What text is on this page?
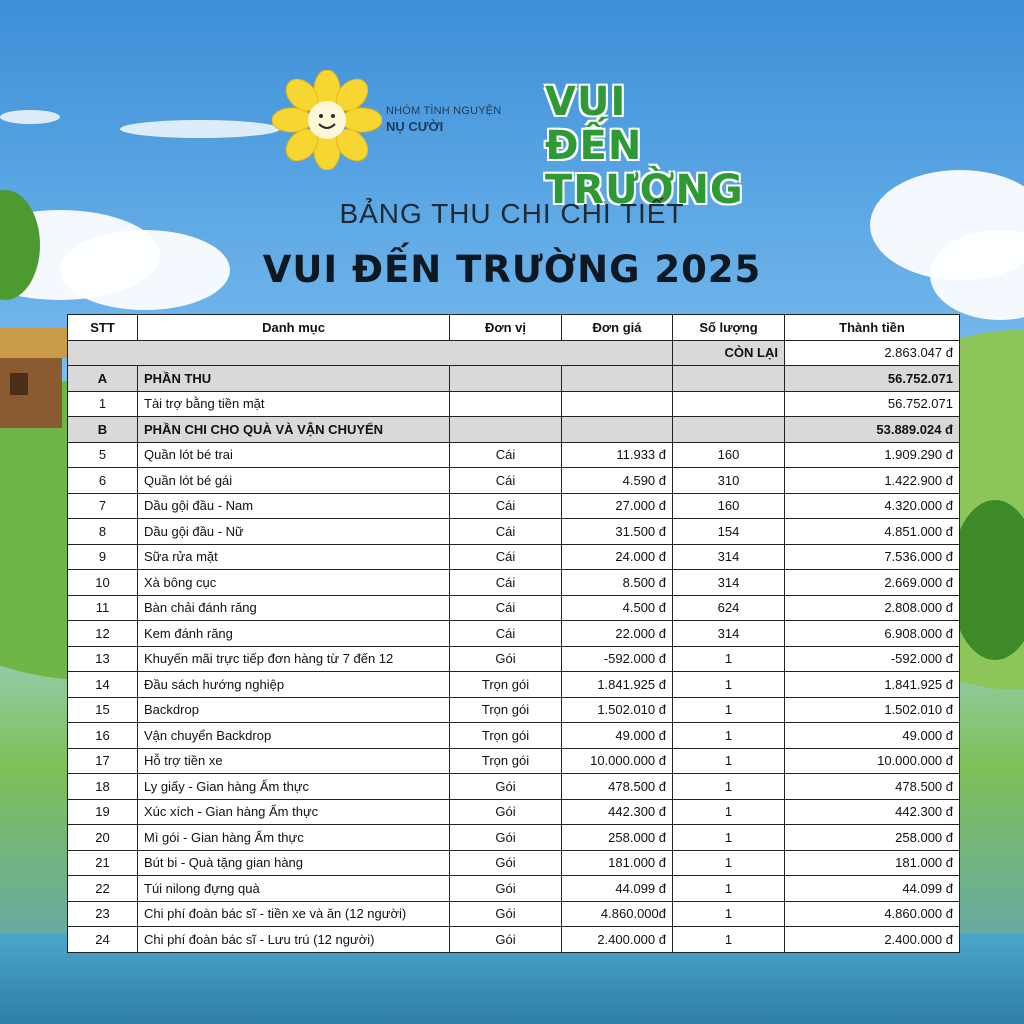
NHÓM TÌNH NGUYỆN
NỤ CƯỜI
VUI ĐẾN
TRƯỜNG
BẢNG THU CHI CHI TIẾT
VUI ĐẾN TRƯỜNG 2025
STT	Danh mục	Đơn vị	Đơn giá	Số lượng	Thành tiền
				CÒN LẠI	2.863.047 đ
A	PHẦN THU				56.752.071
1	Tài trợ bằng tiền mặt				56.752.071
B	PHẦN CHI CHO QUÀ VÀ VẬN CHUYỂN				53.889.024 đ
5	Quần lót bé trai	Cái	11.933 đ	160	1.909.290 đ
6	Quần lót bé gái	Cái	4.590 đ	310	1.422.900 đ
7	Dầu gội đầu - Nam	Cái	27.000 đ	160	4.320.000 đ
8	Dầu gội đầu - Nữ	Cái	31.500 đ	154	4.851.000 đ
9	Sữa rửa mặt	Cái	24.000 đ	314	7.536.000 đ
10	Xà bông cục	Cái	8.500 đ	314	2.669.000 đ
11	Bàn chải đánh răng	Cái	4.500 đ	624	2.808.000 đ
12	Kem đánh răng	Cái	22.000 đ	314	6.908.000 đ
13	Khuyến mãi trực tiếp đơn hàng từ 7 đến 12	Gói	-592.000 đ	1	-592.000 đ
14	Đầu sách hướng nghiệp	Trọn gói	1.841.925 đ	1	1.841.925 đ
15	Backdrop	Trọn gói	1.502.010 đ	1	1.502.010 đ
16	Vận chuyển Backdrop	Trọn gói	49.000 đ	1	49.000 đ
17	Hỗ trợ tiền xe	Trọn gói	10.000.000 đ	1	10.000.000 đ
18	Ly giấy - Gian hàng Ẩm thực	Gói	478.500 đ	1	478.500 đ
19	Xúc xích - Gian hàng Ẩm thực	Gói	442.300 đ	1	442.300 đ
20	Mì gói - Gian hàng Ẩm thực	Gói	258.000 đ	1	258.000 đ
21	Bút bi - Quà tặng gian hàng	Gói	181.000 đ	1	181.000 đ
22	Túi nilong đựng quà	Gói	44.099 đ	1	44.099 đ
23	Chi phí đoàn bác sĩ - tiền xe và ăn (12 người)	Gói	4.860.000đ	1	4.860.000 đ
24	Chi phí đoàn bác sĩ - Lưu trú (12 người)	Gói	2.400.000 đ	1	2.400.000 đ
